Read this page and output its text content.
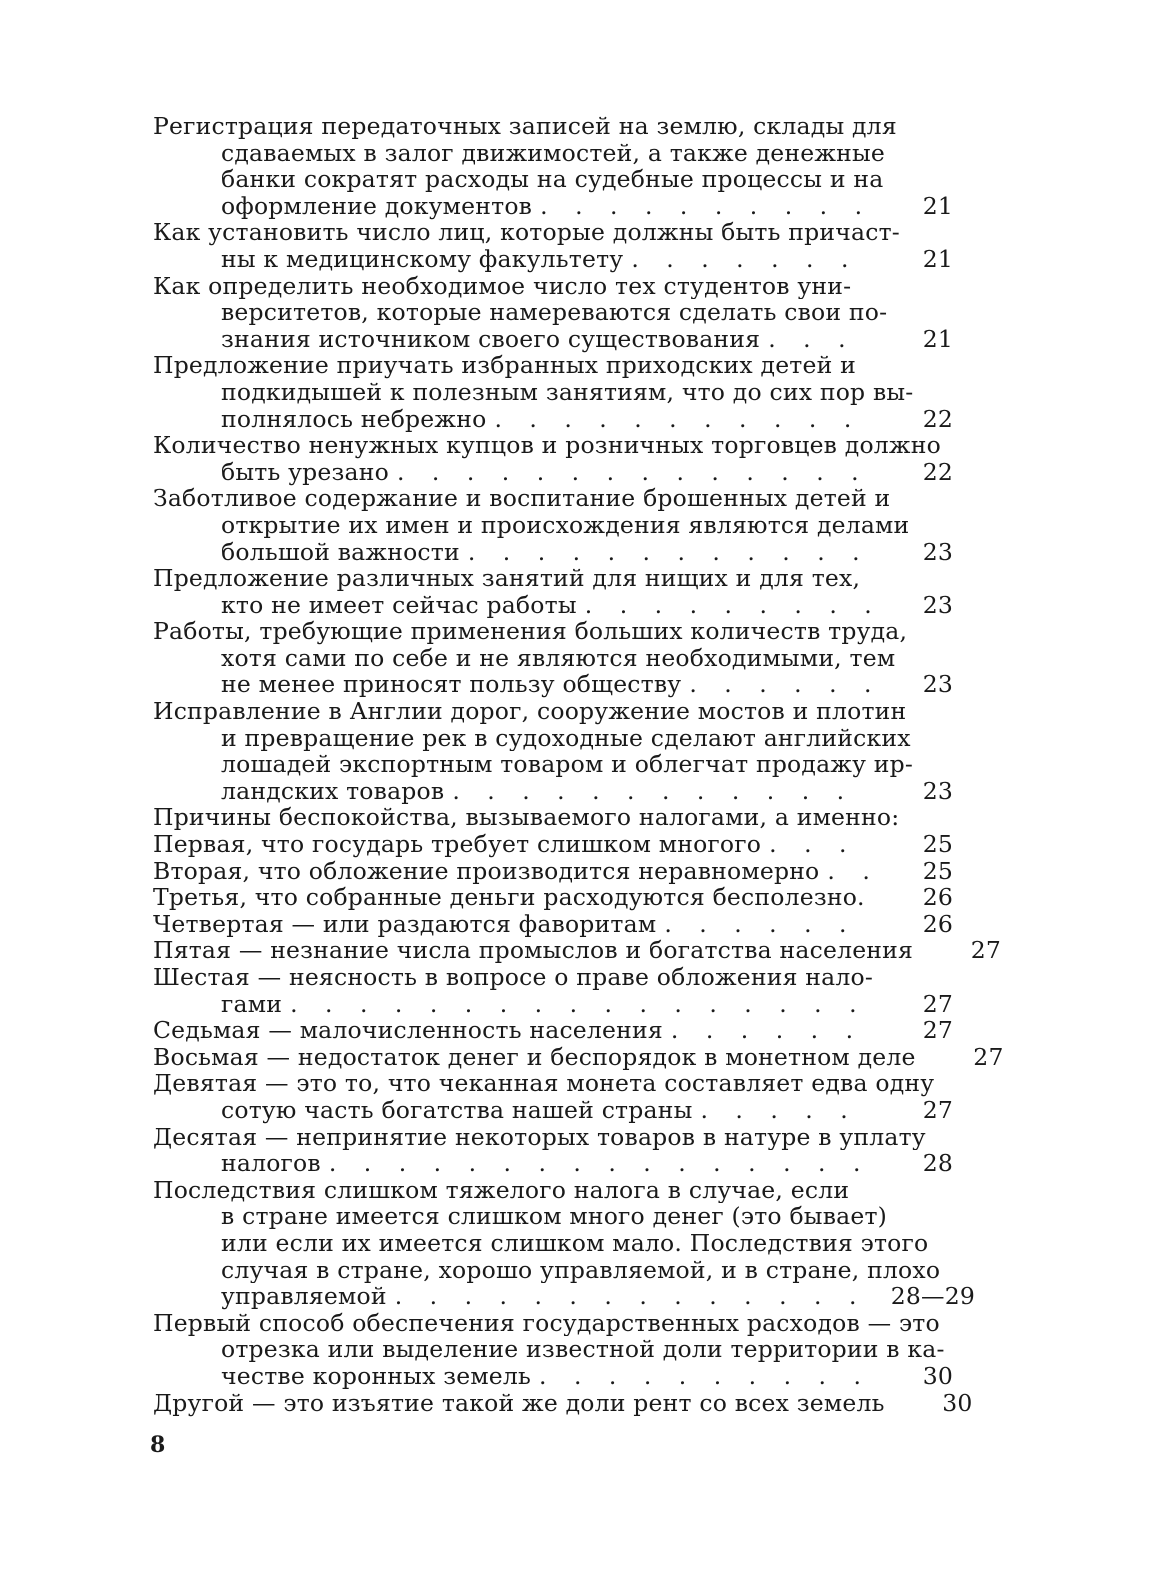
Регистрация передаточных записей на землю, склады для
сдаваемых в залог движимостей, а также денежные
банки сократят расходы на судебные процессы и на
оформление документов . . .	21
Как установить число лиц, которые должны быть причаст-
ны к медицинскому факультету . . .	21
Как определить необходимое число тех студентов уни-
верситетов, которые намереваются сделать свои по-
знания источником своего существования . . .	21
Предложение приучать избранных приходских детей и
подкидышей к полезным занятиям, что до сих пор вы-
полнялось небрежно . . .	22
Количество ненужных купцов и розничных торговцев должно
быть урезано . . .	22
Заботливое содержание и воспитание брошенных детей и
открытие их имен и происхождения являются делами
большой важности . . .	23
Предложение различных занятий для нищих и для тех,
кто не имеет сейчас работы . . .	23
Работы, требующие применения больших количеств труда,
хотя сами по себе и не являются необходимыми, тем
не менее приносят пользу обществу . . .	23
Исправление в Англии дорог, сооружение мостов и плотин
и превращение рек в судоходные сделают английских
лошадей экспортным товаром и облегчат продажу ир-
ландских товаров . . .	23
Причины беспокойства, вызываемого налогами, а именно:
Первая, что государь требует слишком многого . . .	25
Вторая, что обложение производится неравномерно . . .	25
Третья, что собранные деньги расходуются бесполезно. . . .	26
Четвертая — или раздаются фаворитам . . .	26
Пятая — незнание числа промыслов и богатства населения	27
Шестая — неясность в вопросе о праве обложения нало-
гами . . .	27
Седьмая — малочисленность населения . . .	27
Восьмая — недостаток денег и беспорядок в монетном деле	27
Девятая — это то, что чеканная монета составляет едва одну
сотую часть богатства нашей страны . . .	27
Десятая — непринятие некоторых товаров в натуре в уплату
налогов . . .	28
Последствия слишком тяжелого налога в случае, если
в стране имеется слишком много денег (это бывает)
или если их имеется слишком мало. Последствия этого
случая в стране, хорошо управляемой, и в стране, плохо
управляемой . . .	28—29
Первый способ обеспечения государственных расходов — это
отрезка или выделение известной доли территории в ка-
честве коронных земель . . .	30
Другой — это изъятие такой же доли рент со всех земель	30
8
